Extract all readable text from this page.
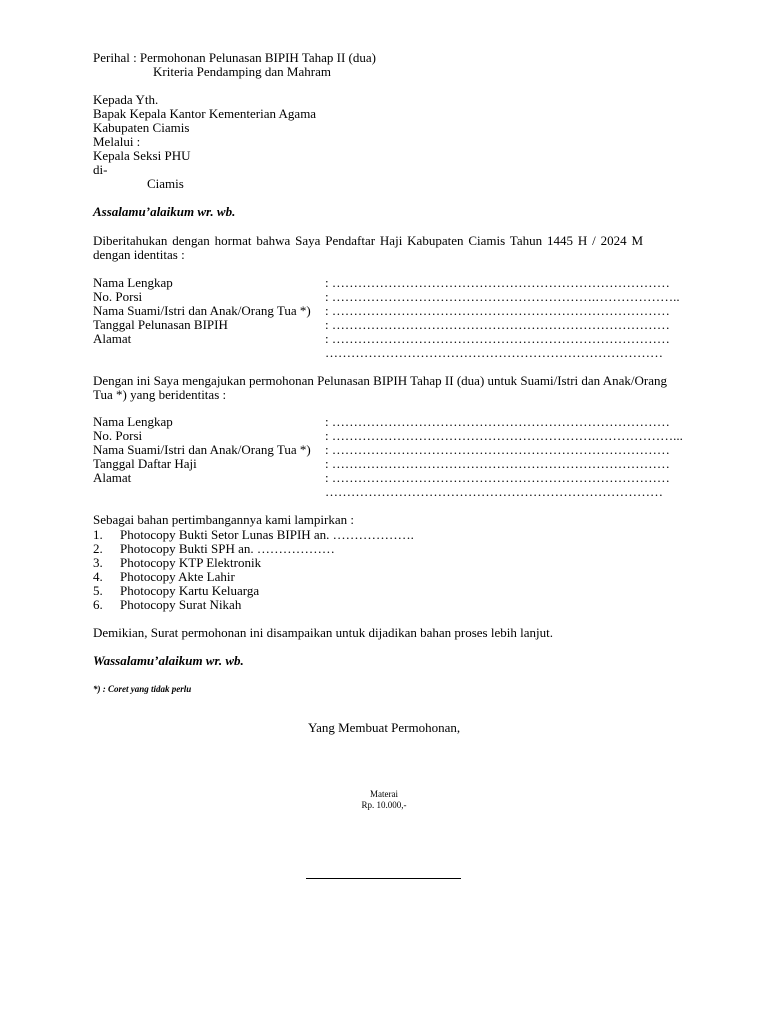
Perihal : Permohonan Pelunasan BIPIH Tahap II (dua)
Kriteria Pendamping dan Mahram
Kepada Yth.
Bapak Kepala Kantor Kementerian Agama
Kabupaten Ciamis
Melalui :
Kepala Seksi PHU
di-
Ciamis
Assalamu’alaikum wr. wb.
Diberitahukan dengan hormat bahwa Saya Pendaftar Haji Kabupaten Ciamis Tahun 1445 H / 2024 M
dengan identitas :
Nama Lengkap	: ……………………………………………………………………
No. Porsi	: …………………………………………………….………………..
Nama Suami/Istri dan Anak/Orang Tua *) : ……………………………………………………………………
Tanggal Pelunasan BIPIH	: ……………………………………………………………………
Alamat	: ……………………………………………………………………
……………………………………………………………………
Dengan ini Saya mengajukan permohonan Pelunasan BIPIH Tahap II (dua) untuk Suami/Istri dan Anak/Orang
Tua *) yang beridentitas :
Nama Lengkap	: ……………………………………………………………………
No. Porsi	: …………………………………………………….………………...
Nama Suami/Istri dan Anak/Orang Tua *) : ……………………………………………………………………
Tanggal Daftar Haji	: ……………………………………………………………………
Alamat	: ……………………………………………………………………
……………………………………………………………………
Sebagai bahan pertimbangannya kami lampirkan :
1. Photocopy Bukti Setor Lunas BIPIH an. ……………….
2. Photocopy Bukti SPH an. ………………
3. Photocopy KTP Elektronik
4. Photocopy Akte Lahir
5. Photocopy Kartu Keluarga
6. Photocopy Surat Nikah
Demikian, Surat permohonan ini disampaikan untuk dijadikan bahan proses lebih lanjut.
Wassalamu’alaikum wr. wb.
*) : Coret yang tidak perlu
Yang Membuat Permohonan,
Materai
Rp. 10.000,-
